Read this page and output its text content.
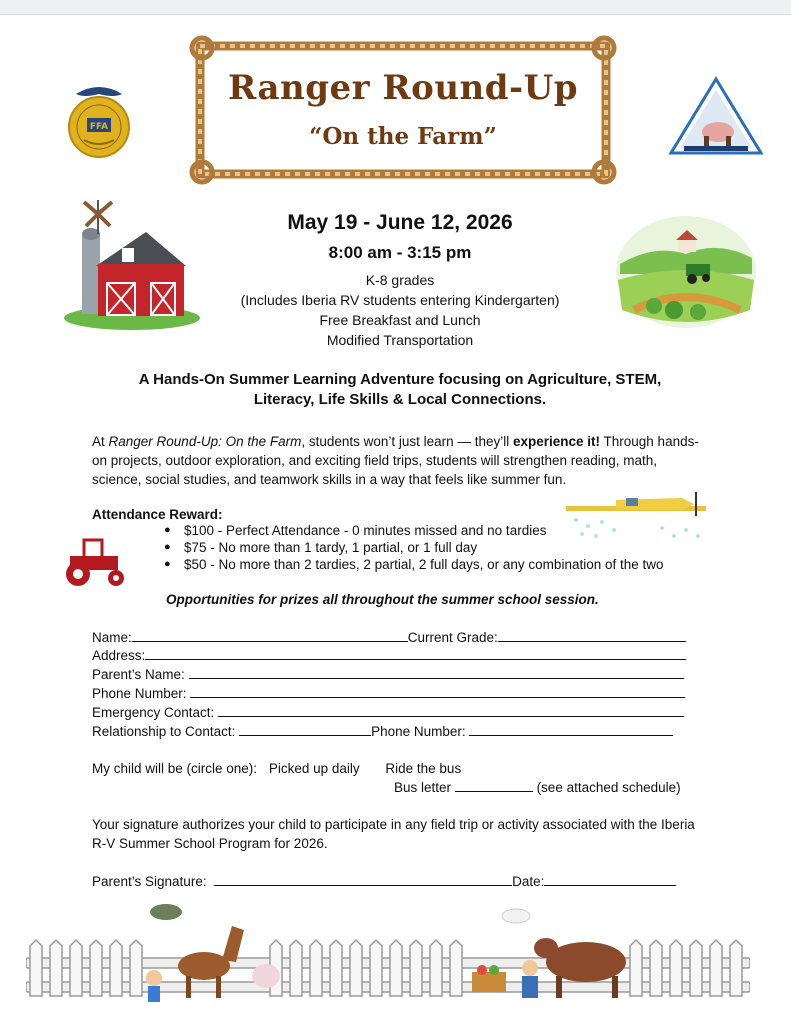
FFA
Ranger Round-Up
“On the Farm”
May 19 - June 12, 2026
8:00 am - 3:15 pm
K-8 grades
(Includes Iberia RV students entering Kindergarten)
Free Breakfast and Lunch
Modified Transportation
A Hands-On Summer Learning Adventure focusing on Agriculture, STEM,
Literacy, Life Skills & Local Connections.
At Ranger Round-Up: On the Farm, students won’t just learn — they’ll experience it! Through hands-on projects, outdoor exploration, and exciting field trips, students will strengthen reading, math, science, social studies, and teamwork skills in a way that feels like summer fun.
Attendance Reward:
● $100 - Perfect Attendance - 0 minutes missed and no tardies
● $75 - No more than 1 tardy, 1 partial, or 1 full day
● $50 - No more than 2 tardies, 2 partial, 2 full days, or any combination of the two
Opportunities for prizes all throughout the summer school session.
Name:	Current Grade:
Address:
Parent’s Name:
Phone Number:
Emergency Contact:
Relationship to Contact:	Phone Number:
My child will be (circle one): Picked up daily Ride the bus
Bus letter	(see attached schedule)
Your signature authorizes your child to participate in any field trip or activity associated with the Iberia R-V Summer School Program for 2026.
Parent’s Signature:	Date:
